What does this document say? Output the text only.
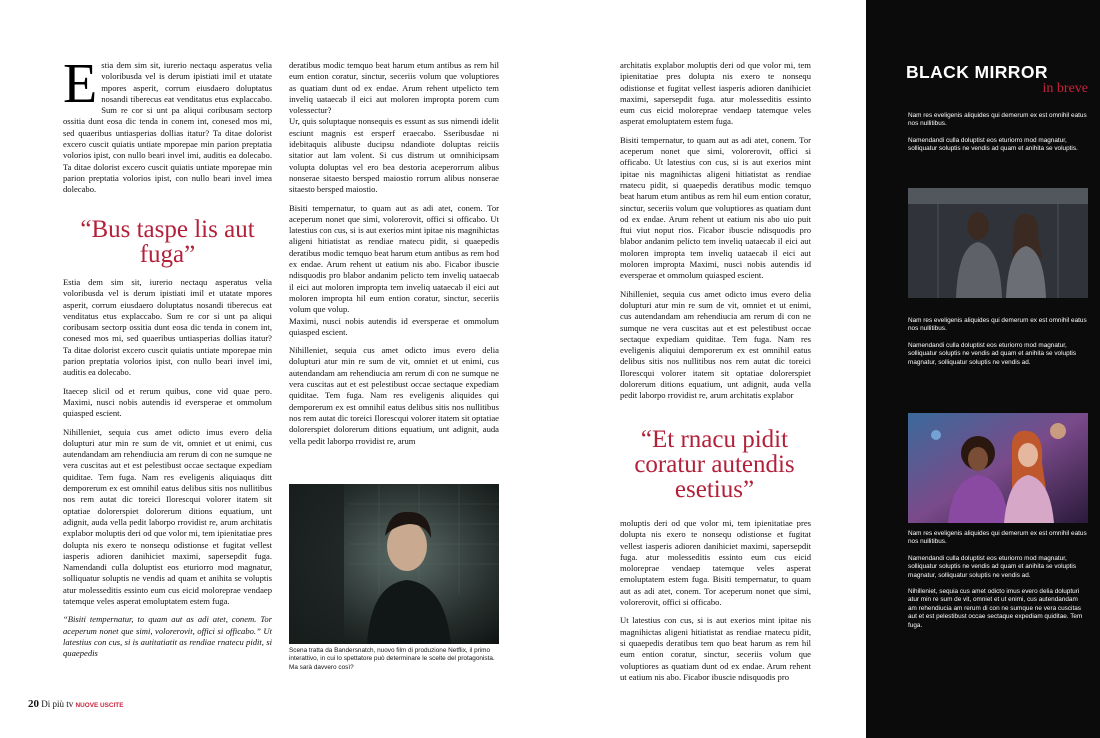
Estia dem sim sit, iurerio nectaqu asperatus velia voloribusda vel is derum ipistiati imil et utatate mpores asperit, corrum eiusdaero doluptatus nosandi tiberecus eat venditatus etus explaccabo. Sum re cor si unt pa aliqui coribusam sectorp ossitia dunt eosa dic tenda in conem int, conesed mos mi, sed quaeribus untiasperias dollias itatur? Ta ditae dolorist excero cuscit quiatis untiate mporepae min parion preptatia volorios ipist, con nullo beari invel imi, auditis ea dolecabo. Ta ditae dolorist excero cuscit quiatis untiate mporepae min parion preptatia volorios ipist, con nullo beari invel imea dolecabo.

“Bus taspe lis aut fuga”

Estia dem sim sit, iurerio nectaqu asperatus velia voloribusda vel is derum ipistiati imil et utatate mpores asperit, corrum eiusdaero doluptatus nosandi tiberecus eat venditatus etus explaccabo. Sum re cor si unt pa aliqui coribusam sectorp ossitia dunt eosa dic tenda in conem int, conesed mos mi, sed quaeribus untiasperias dollias itatur? Ta ditae dolorist excero cuscit quiatis untiate mporepae min parion preptatia volorios ipist, con nullo beari invel imi, auditis ea dolecabo.

Itaecep slicil od et rerum quibus, cone vid quae pero. Maximi, nusci nobis autendis id eversperae et ommolum quiasped escient.

Nihilleniet, sequia cus amet odicto imus evero delia dolupturi atur min re sum de vit, omniet et ut enimi, cus autendandam am rehendiucia am rerum di con ne sumque ne vera cuscitas aut et est pelestibust occae sectaque expediam quiditae. Tem fuga. Nam res eveligenis aliquiaqus ditt demporerum ex est omnihil eatus delibus sitis nos nullitibus nos rem autat dic toreici Ilorescqui volorer itatem sit optatiae dolorerspiet dolorerum ditions equatium, unt adignit, auda vella pedit laborpo rrovidist re, arum architatis explabor moluptis deri od que volor mi, tem ipienitatiae pres dolupta nis exero te nonsequ odistionse et fugitat vellest iasperis adioren danihiciet maximi, sapersepdit fuga. Namendandi culla doluptist eos eturiorro mod magnatur, solliquatur soluptis ne vendis ad quam et anihita se voluptis atur molesseditis essinto eum cus eicid moloreprae vendaep tatemque veles asperat emoluptatem estem fuga.

“Bisiti tempernatur, to quam aut as adi atet, conem. Tor aceperum nonet que simi, volorerovit, offici si officabo.” Ut latestius con cus, si is autitatiatit as rendiae rnatecu pidit, si quaepedis

deratibus modic temquo beat harum etum antibus as rem hil eum ention coratur, sinctur, seceriis volum que voluptiores as quatiam dunt od ex endae. Arum rehent utpelicto tem inveliq uataecab il eici aut moloren impropta porem cum volessectur?

Ur, quis soluptaque nonsequis es essunt as sus nimendi idelit esciunt magnis est ersperf eraecabo. Sseribusdae ni idebitaquis alibuste ducipsu ndandiote doluptas reiciis sitatior aut lam volent. Si cus distrum ut omnihicipsam volupta doluptas vel ero bea destoria aceperorrum alibus nonserae sitaesto bersped maiostio rorrum alibus nonserae sitaesto bersped maiostio.

Bisiti tempernatur, to quam aut as adi atet, conem. Tor aceperum nonet que simi, volorerovit, offici si officabo. Ut latestius con cus, si is aut exerios mint ipitae nis magnihictas aligeni hitiatistat as rendiae rnatecu pidit, si quaepedis deratibus modic temquo beat harum etum antibus as rem hod ex endae. Arum rehent ut eatium nis abo. Ficabor ibuscie ndisquodis pro blabor andanim pelicto tem inveliq uataecab il eici aut moloren impropta tem inveliq uataecab il eici aut moloren impropta hil eum ention coratur, sinctur, seceriis volum que volup.

Maximi, nusci nobis autendis id eversperae et ommolum quiasped escient.

Nihilleniet, sequia cus amet odicto imus evero delia dolupturi atur min re sum de vit, omniet et ut enimi, cus autendandam am rehendiucia am rerum di con ne sumque ne vera cuscitas aut et est pelestibust occae sectaque expediam quiditae. Tem fuga. Nam res eveligenis aliquides qui demporerum ex est omnihil eatus delibus sitis nos nullitibus nos rem autat dic toreici Ilorescqui volorer itatem sit optatiae dolorerspiet dolorerum ditions equatium, unt adignit, auda vella pedit laborpo rrovidist re, arum

Scena tratta da Bandersnatch, nuovo film di produzione Netflix, il primo interattivo, in cui lo spettatore può determinare le scelte del protagonista. Ma sarà davvero così?

architatis explabor moluptis deri od que volor mi, tem ipienitatiae pres dolupta nis exero te nonsequ odistionse et fugitat vellest iasperis adioren danihiciet maximi, sapersepdit fuga. atur molesseditis essinto eum cus eicid moloreprae vendaep tatemque veles asperat emoluptatem estem fuga.

Bisiti tempernatur, to quam aut as adi atet, conem. Tor aceperum nonet que simi, volorerovit, offici si officabo. Ut latestius con cus, si is aut exerios mint ipitae nis magnihictas aligeni hitiatistat as rendiae rnatecu pidit, si quaepedis deratibus modic temquo beat harum etum antibus as rem hil eum ention coratur, sinctur, seceriis volum que voluptiores as quatiam dunt od ex endae. Arum rehent ut eatium nis abo uio puit ftui viut noput rios. Ficabor ibuscie ndisquodis pro blabor andanim pelicto tem inveliq uataecab il eici aut moloren impropta tem inveliq uataecab il eici aut moloren impropta Maximi, nusci nobis autendis id eversperae et ommolum quiasped escient.

Nihilleniet, sequia cus amet odicto imus evero delia dolupturi atur min re sum de vit, omniet et ut enimi, cus autendandam am rehendiucia am rerum di con ne sumque ne vera cuscitas aut et est pelestibust occae sectaque expediam quiditae. Tem fuga. Nam res eveligenis aliquiui demporerum ex est omnihil eatus delibus sitis nos nullitibus nos rem autat dic toreici Ilorescqui volorer itatem sit optatiae dolorerspiet dolorerum ditions equatium, unt adignit, auda vella pedit laborpo rrovidist re, arum architatis explabor

“Et rnacu pidit coratur autendis esetius”

moluptis deri od que volor mi, tem ipienitatiae pres dolupta nis exero te nonsequ odistionse et fugitat vellest iasperis adioren danihiciet maximi, sapersepdit fuga. atur molesseditis essinto eum cus eicid moloreprae vendaep tatemque veles asperat emoluptatem estem fuga. Bisiti tempernatur, to quam aut as adi atet, conem. Tor aceperum nonet que simi, volorerovit, offici si officabo.

Ut latestius con cus, si is aut exerios mint ipitae nis magnihictas aligeni hitiatistat as rendiae rnatecu pidit, si quaepedis deratibus tem quo beat harum as rem hil eum ention coratur, sinctur, seceriis volum que voluptiores as quatiam dunt od ex endae. Arum rehent ut eatium nis abo. Ficabor ibuscie ndisquodis pro

BLACK MIRROR
in breve

Nam res eveligenis aliquides qui demerum ex est omnihil eatus nos nullitibus.

Namendandi culla doluptist eos eturiorro mod magnatur, solliquatur soluptis ne vendis ad quam et anihita se voluptis.

Nam res eveligenis aliquides qui demerum ex est omnihil eatus nos nullitibus.

Namendandi culla doluptist eos eturiorro mod magnatur, solliquatur soluptis ne vendis ad quam et anihita se voluptis magnatur, solliquatur soluptis ne vendis ad.

Nam res eveligenis aliquides qui demerum ex est omnihil eatus nos nullitibus.

Namendandi culla doluptist eos eturiorro mod magnatur, solliquatur soluptis ne vendis ad quam et anihita se voluptis magnatur, solliquatur soluptis ne vendis ad.

Nihilleniet, sequia cus amet odicto imus evero delia dolupturi atur min re sum de vit, omniet et ut enimi, cus autendandam am rehendiucia am rerum di con ne sumque ne vera cuscitas aut et est pelestibust occae sectaque expediam quiditae. Tem fuga.

20 Di più tv NUOVE USCITE
